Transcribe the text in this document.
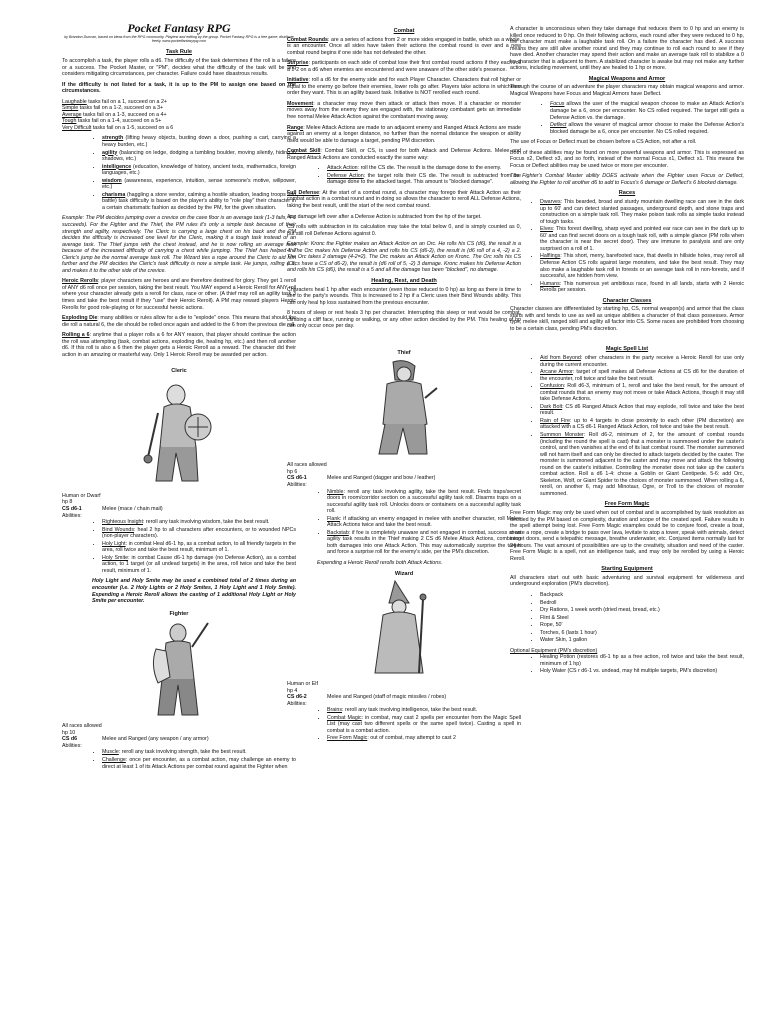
Pocket Fantasy RPG
by Brandon Duncan, based on ideas from the RPG community. Playtest and editing by the group. Pocket Fantasy RPG is a free game; distribute freely. www.pocketfantasyrpg.com
Task Rule

To accomplish a task, the player rolls a d6. The difficulty of the task determines if the roll is a failure or a success. The Pocket Master, or "PM", decides what the difficulty of the task will be and considers mitigating circumstances, per character. Failure could have disastrous results.

If the difficulty is not listed for a task, it is up to the PM to assign one based on the circumstances.

Laughable tasks fail on a 1, succeed on a 2+
Simple tasks fail on a 1-2, succeed on a 3+
Average tasks fail on a 1-3, succeed on a 4+
Tough tasks fail on a 1-4, succeed on a 5+
Very Difficult tasks fail on a 1-5, succeed on a 6
• strength (lifting heavy objects, busting down a door, pushing a cart, carrying a heavy burden, etc.)
• agility (balancing on ledge, dodging a tumbling boulder, moving silently, hiding in shadows, etc.)
• intelligence (education, knowledge of history, ancient texts, mathematics, foreign languages, etc.)
• wisdom (awareness, experience, intuition, sense someone's motive, willpower, etc.)
• charisma (haggling a store vendor, calming a hostile situation, leading troops into battle) task difficulty is based on the player's ability to "role play" their character in a certain charismatic fashion as decided by the PM, for the given situation.

Example: The PM decides jumping over a crevice on the cave floor is an average task (1-3 fails, 4-6 succeeds). For the Fighter and the Thief, the PM rules it's only a simple task because of their strength and agility, respectively. The Cleric is carrying a large chest on his back and the PM decides the difficulty is increased one level for the Cleric, making it a tough task instead of an average task. The Thief jumps with the chest instead, and he is now rolling an average task because of the increased difficulty of carrying a chest while jumping. The Thief has helped the Cleric's jump be the normal average task roll. The Wizard ties a rope around the Cleric to aid him further and the PM decides the Cleric's task difficulty is now a simple task. He jumps, rolling a 3, and makes it to the other side of the crevice.

Heroic Rerolls: player characters are heroes and are therefore destined for glory. They get 1 reroll of ANY d6 roll once per session, taking the best result. You MAY expend a Heroic Reroll for ANY roll where your character already gets a reroll for class, race or other. (A thief may roll an agility task 3 times and take the best result if they "use" their Heroic Reroll). A PM may reward players Heroic Rerolls for good role-playing or for successful heroic actions.

Exploding Die: many abilities or rules allow for a die to "explode" once. This means that should the die roll a natural 6, the die should be rolled once again and added to the 6 from the previous die roll.

Rolling a 6: anytime that a player rolls a 6 for ANY reason, that player should continue the action the roll was attempting (task, combat actions, exploding die, healing hp, etc.) and then roll another d6. If this roll is also a 6 then the player gets a Heroic Reroll as a reward. The character did their action in an amazing or masterful way. Only 1 Heroic Reroll may be awarded per action.

Cleric
Human or Dwarf
hp 8
CS d6-1	Melee (mace / chain mail)
Abilities:
• Righteous Insight: reroll any task involving wisdom, take the best result.
• Bind Wounds: heal 2 hp to all characters after encounters, or to wounded NPCs (non-player characters).
• Holy Light: in combat Heal d6-1 hp, as a combat action, to all friendly targets in the area, roll twice and take the best result, minimum of 1.
• Holy Smite: in combat Cause d6-1 hp damage (no Defense Action), as a combat action, to 1 target (or all undead targets) in the area, roll twice and take the best result, minimum of 1.

Holy Light and Holy Smite may be used a combined total of 2 times during an encounter (i.e. 2 Holy Lights or 2 Holy Smites, 1 Holy Light and 1 Holy Smite). Expending a Heroic Reroll allows the casting of 1 additional Holy Light or Holy Smite per encounter.

Fighter
All races allowed
hp 10
CS d6	Melee and Ranged (any weapon / any armor)
Abilities:
• Muscle: reroll any task involving strength, take the best result.
• Challenge: once per encounter, as a combat action, may challenge an enemy to direct at least 1 of its Attack Actions per combat round against the Fighter when
Combat

Combat Rounds: are a series of actions from 2 or more sides engaged in battle, which as a whole, is an encounter. Once all sides have taken their actions the combat round is over and a new combat round begins if one side has not defeated the other.

Surprise: participants on each side of combat lose their first combat round actions if they each roll a 1-2 on a d6 when enemies are encountered and were unaware of the other side's presence.

Initiative: roll a d6 for the enemy side and for each Player Character. Characters that roll higher or equal to the enemy go before their enemies, lower rolls go after. Players take actions in whichever order they want. This is an agility based task. Initiative is NOT rerolled each round.

Movement: a character may move then attack or attack then move. If a character or monster moves away from the enemy they are engaged with, the stationary combatant gets an immediate free normal Melee Attack Action against the combatant moving away.

Range: Melee Attack Actions are made to an adjacent enemy and Ranged Attack Actions are made against an enemy at a longer distance, no further than the normal distance the weapon or ability used would be able to damage a target, pending PM discretion.

Combat Skill: Combat Skill, or CS, is used for both Attack and Defense Actions. Melee and Ranged Attack Actions are conducted exactly the same way:

• Attack Action: roll the CS die. The result is the damage done to the enemy.
• Defense Action: the target rolls their CS die. The result is subtracted from the damage done to the attacked target. This amount is "blocked damage".

Full Defense: At the start of a combat round, a character may forego their Attack Action as their combat action in a combat round and in doing so allows the character to reroll ALL Defense Actions, taking the best result, until the start of the next combat round.

Any damage left over after a Defense Action is subtracted from the hp of the target.

CS rolls with subtraction in its calculation may take the total below 0, and is simply counted as 0, but still roll Defense Actions against 0.

Example: Kronc the Fighter makes an Attack Action on an Orc. He rolls his CS (d6), the result is a 4. The Orc makes his Defense Action and rolls his CS (d6-2), the result is (d6 roll of a 4, -2) a 2. The Orc takes 2 damage (4-2=2). The Orc makes an Attack Action on Kronc. The Orc rolls his CS (Orcs have a CS of d6-2), the result is (d6 roll of 5, -2) 3 damage. Kronc makes his Defense Action and rolls his CS (d6), the result is a 5 and all the damage has been "blocked", no damage.

Healing, Rest, and Death

Characters heal 1 hp after each encounter (even those reduced to 0 hp) as long as there is time to see to the party's wounds. This is increased to 2 hp if a Cleric uses their Bind Wounds ability. This can only heal hp loss sustained from the previous encounter.

8 hours of sleep or rest heals 3 hp per character. Interrupting this sleep or rest would be combat, climbing a cliff face, running or walking, or any other action decided by the PM. This healing of hp can only occur once per day.

Thief
All races allowed
hp 6
CS d6-1	Melee and Ranged (dagger and bow / leather)
Abilities:
• Nimble: reroll any task involving agility, take the best result. Finds traps/secret doors in room/corridor section on a successful agility task roll. Disarms traps on a successful agility task roll. Unlocks doors or containers on a successful agility task roll.
• Flank: if attacking an enemy engaged in melee with another character, roll Melee Attack Actions twice and take the best result.
• Backstab: if foe is completely unaware and not engaged in combat, success at an agility task results in the Thief making 2 CS d6 Melee Attack Actions, combining both damages into one Attack Action. This may automatically surprise the target and force a surprise roll for the enemy's side, per the PM's discretion.

Expending a Heroic Reroll rerolls both Attack Actions.

Wizard
Human or Elf
hp 4
CS d6-2	Melee and Ranged (staff of magic missiles / robes)
Abilities:
• Brains: reroll any task involving intelligence, take the best result.
• Combat Magic: in combat, may cast 2 spells per encounter from the Magic Spell List (may cast two different spells or the same spell twice). Casting a spell in combat is a combat action.
• Free Form Magic: out of combat, may attempt to cast 2

A character is unconscious when they take damage that reduces them to 0 hp and an enemy is killed once reduced to 0 hp. On their following actions, each round after they were reduced to 0 hp, the character must make a laughable task roll. On a failure the character has died. A success means they are still alive another round and they may continue to roll each round to see if they have died. Another character may spend their action and make an average task roll to stabilize a 0 hp character that is adjacent to them. A stabilized character is awake but may not make any further actions, including movement, until they are healed to 1 hp or more.

Magical Weapons and Armor

Through the course of an adventure the player characters may obtain magical weapons and armor. Magical Weapons have Focus and Magical Armors have Deflect.

• Focus allows the user of the magical weapon choose to make an Attack Action's damage be a 6, once per encounter. No CS rolled required. The target still gets a Defense Action vs. the damage.
• Deflect allows the wearer of magical armor choose to make the Defense Action's blocked damage be a 6, once per encounter. No CS rolled required.

The use of Focus or Deflect must be chosen before a CS Action, not after a roll.

Both of these abilities may be found on more powerful weapons and armor. This is expressed as Focus x2, Deflect x3, and so forth, instead of the normal Focus x1, Deflect x1. This means the Focus or Deflect abilities may be used twice or more per encounter.

The Fighter's Combat Master ability DOES activate when the Fighter uses Focus or Deflect, allowing the Fighter to roll another d6 to add to Focus's 6 damage or Deflect's 6 blocked damage.

Races
• Dwarves: This bearded, broad and sturdy mountain dwelling race can see in the dark up to 60' and can detect slanted passages, underground depth, and stone traps and construction on a simple task roll. They make poison task rolls as simple tasks instead of tough tasks.
• Elves: This forest dwelling, sharp eyed and pointed ear race can see in the dark up to 60' and can find secret doors on a tough task roll, with a simple glance (PM rolls when the character is near the secret door). They are immune to paralysis and are only surprised on a roll of 1.
• Halflings: This short, merry, barefooted race, that dwells in hillside holes, may reroll all Defense Action CS rolls against large monsters, and take the best result. They may also make a laughable task roll in forests or an average task roll in non-forests, and if successful, are hidden from view.
• Humans: This numerous yet ambitious race, found in all lands, starts with 2 Heroic Rerolls per session.
Character Classes

Character classes are differentiated by starting hp, CS, normal weapon(s) and armor that the class starts with and tends to use as well as unique abilities a character of that class possesses. Armor type, melee skill, ranged skill and agility all factor into CS. Some races are prohibited from choosing to be a certain class, pending PM's discretion.

Magic Spell List
• Aid from Beyond: other characters in the party receive a Heroic Reroll for use only during the current encounter.
• Arcane Armor: target of spell makes all Defense Actions at CS d6 for the duration of the encounter, roll twice and take the best result.
• Confusion: Roll d6-3, minimum of 1, reroll and take the best result, for the amount of combat rounds that an enemy may not move or take Attack Actions, though it may still take Defense Actions.
• Dark Bolt: CS d6 Ranged Attack Action that may explode, roll twice and take the best result.
• Rain of Fire: up to 4 targets in close proximity to each other (PM discretion) are attacked with a CS d6-1 Ranged Attack Action, roll twice and take the best result.
• Summon Monster: Roll d6-2, minimum of 2, for the amount of combat rounds (including the round the spell is cast) that a monster is summoned under the caster's control, and then vanishes at the end of its last combat round. The monster summoned will not harm itself and can only be directed to attack targets decided by the caster. The monster is summoned adjacent to the caster and may move and attack the following round on the caster's initiative. Controlling the monster does not take up the caster's combat action. Roll a d6 1-4: chose a Goblin or Giant Centipede. 5-6: add Orc, Skeleton, Wolf, or Giant Spider to the choices of monster summoned. When rolling a 6, reroll, on another 6, may add Minotaur, Ogre, or Troll to the choices of monster summoned.
Free Form Magic

Free Form Magic may only be used when out of combat and is accomplished by task resolution as decided by the PM based on complexity, duration and scope of the created spell. Failure results in the spell attempt being lost. Free Form Magic examples could be to conjure food, create a boat, create a rope, create a bridge to pass over lava, levitate to atop a tower, speak with animals, detect secret doors, send a telepathic message, breathe underwater, etc. Conjured items normally last for 24 hours. The vast amount of possibilities are up to the creativity, situation and need of the caster. Free Form Magic is a spell, not an intelligence task, and may only be rerolled by using a Heroic Reroll.

Starting Equipment

All characters start out with basic adventuring and survival equipment for wilderness and underground exploration (PM's discretion).

• Backpack
• Bedroll
• Dry Rations, 1 week worth (dried meat, bread, etc.)
• Flint & Steel
• Rope, 50'
• Torches, 6 (lasts 1 hour)
• Water Skin, 1 gallon
Optional Equipment (PM's discretion)
• Healing Potion (restores d6-1 hp as a free action, roll twice and take the best result, minimum of 1 hp)
• Holy Water (CS r d6-1 vs. undead, may hit multiple targets, PM's discretion)
